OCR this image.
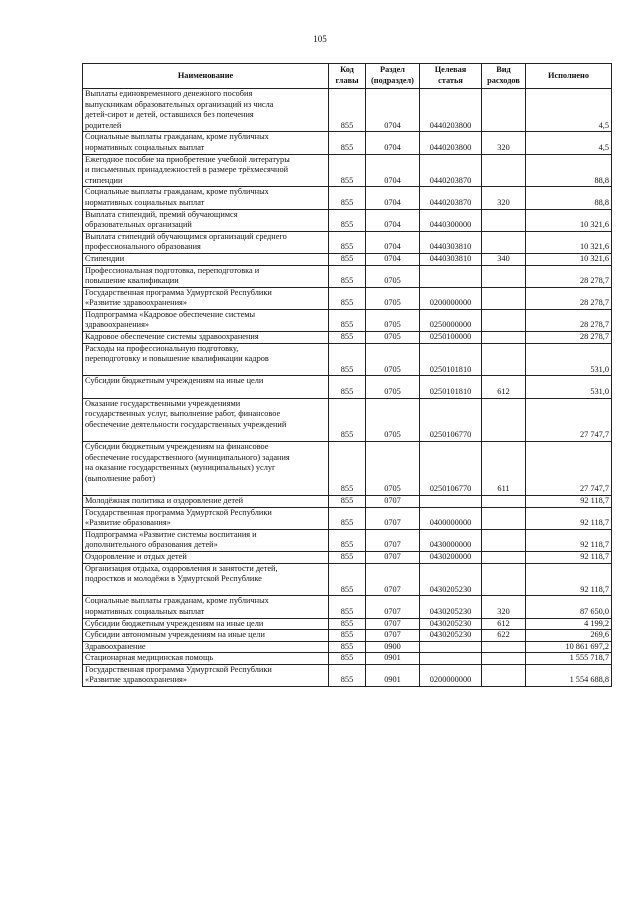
105
Наименование	Код главы	Раздел (подраздел)	Целевая статья	Вид расходов	Исполнено
Выплаты единовременного денежного пособия
выпускникам образовательных организаций из числа
детей-сирот и детей, оставшихся без попечения
родителей	855	0704	0440203800		4,5
Социальные выплаты гражданам, кроме публичных
нормативных социальных выплат	855	0704	0440203800	320	4,5
Ежегодное пособие на приобретение учебной литературы
и письменных принадлежностей в размере трёхмесячной
стипендии	855	0704	0440203870		88,8
Социальные выплаты гражданам, кроме публичных
нормативных социальных выплат	855	0704	0440203870	320	88,8
Выплата стипендий, премий обучающимся
образовательных организаций	855	0704	0440300000		10 321,6
Выплата стипендий обучающимся организаций среднего
профессионального образования	855	0704	0440303810		10 321,6
Стипендии	855	0704	0440303810	340	10 321,6
Профессиональная подготовка, переподготовка и
повышение квалификации	855	0705			28 278,7
Государственная программа Удмуртской Республики
«Развитие здравоохранения»	855	0705	0200000000		28 278,7
Подпрограмма «Кадровое обеспечение системы
здравоохранения»	855	0705	0250000000		28 278,7
Кадровое обеспечение системы здравоохранения	855	0705	0250100000		28 278,7
Расходы на профессиональную подготовку,
переподготовку и повышение квалификации кадров	855	0705	0250101810		531,0
Субсидии бюджетным учреждениям на иные цели	855	0705	0250101810	612	531,0
Оказание государственными учреждениями
государственных услуг, выполнение работ, финансовое
обеспечение деятельности государственных учреждений	855	0705	0250106770		27 747,7
Субсидии бюджетным учреждениям на финансовое
обеспечение государственного (муниципального) задания
на оказание государственных (муниципальных) услуг
(выполнение работ)	855	0705	0250106770	611	27 747,7
Молодёжная политика и оздоровление детей	855	0707			92 118,7
Государственная программа Удмуртской Республики
«Развитие образования»	855	0707	0400000000		92 118,7
Подпрограмма «Развитие системы воспитания и
дополнительного образования детей»	855	0707	0430000000		92 118,7
Оздоровление и отдых детей	855	0707	0430200000		92 118,7
Организация отдыха, оздоровления и занятости детей,
подростков и молодёжи в Удмуртской Республике	855	0707	0430205230		92 118,7
Социальные выплаты гражданам, кроме публичных
нормативных социальных выплат	855	0707	0430205230	320	87 650,0
Субсидии бюджетным учреждениям на иные цели	855	0707	0430205230	612	4 199,2
Субсидии автономным учреждениям на иные цели	855	0707	0430205230	622	269,6
Здравоохранение	855	0900			10 861 697,2
Стационарная медицинская помощь	855	0901			1 555 718,7
Государственная программа Удмуртской Республики
«Развитие здравоохранения»	855	0901	0200000000		1 554 688,8
